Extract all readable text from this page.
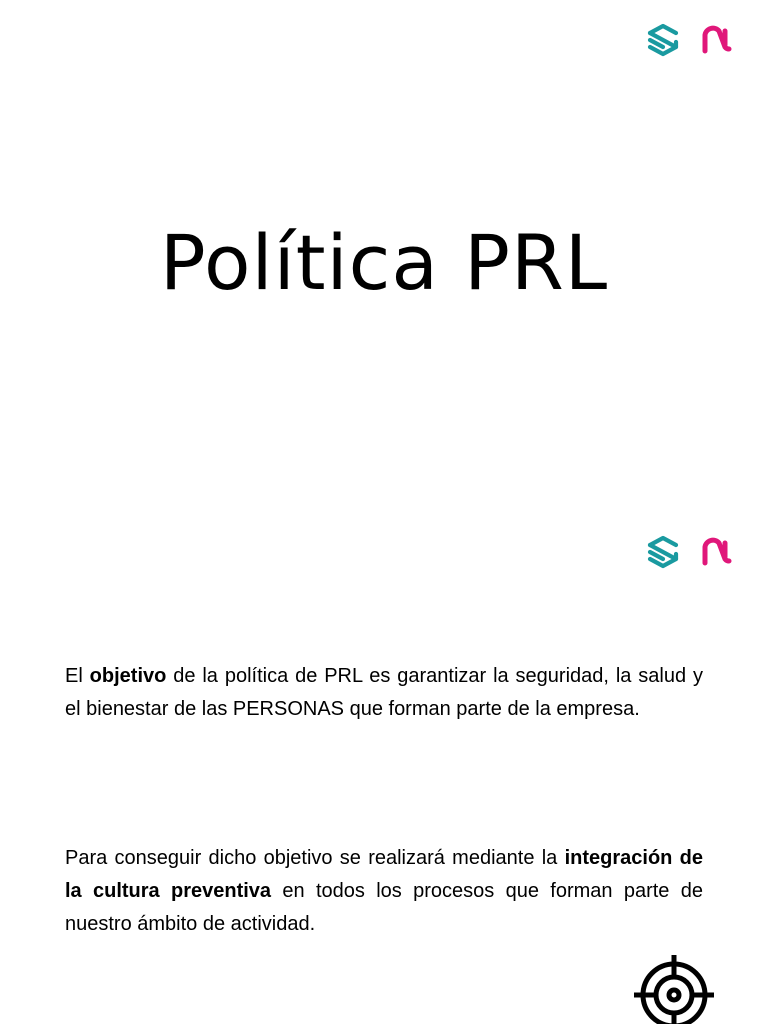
Política PRL

El objetivo de la política de PRL es garantizar la seguridad, la salud y el bienestar de las PERSONAS que forman parte de la empresa.

Para conseguir dicho objetivo se realizará mediante la integración de la cultura preventiva en todos los procesos que forman parte de nuestro ámbito de actividad.
